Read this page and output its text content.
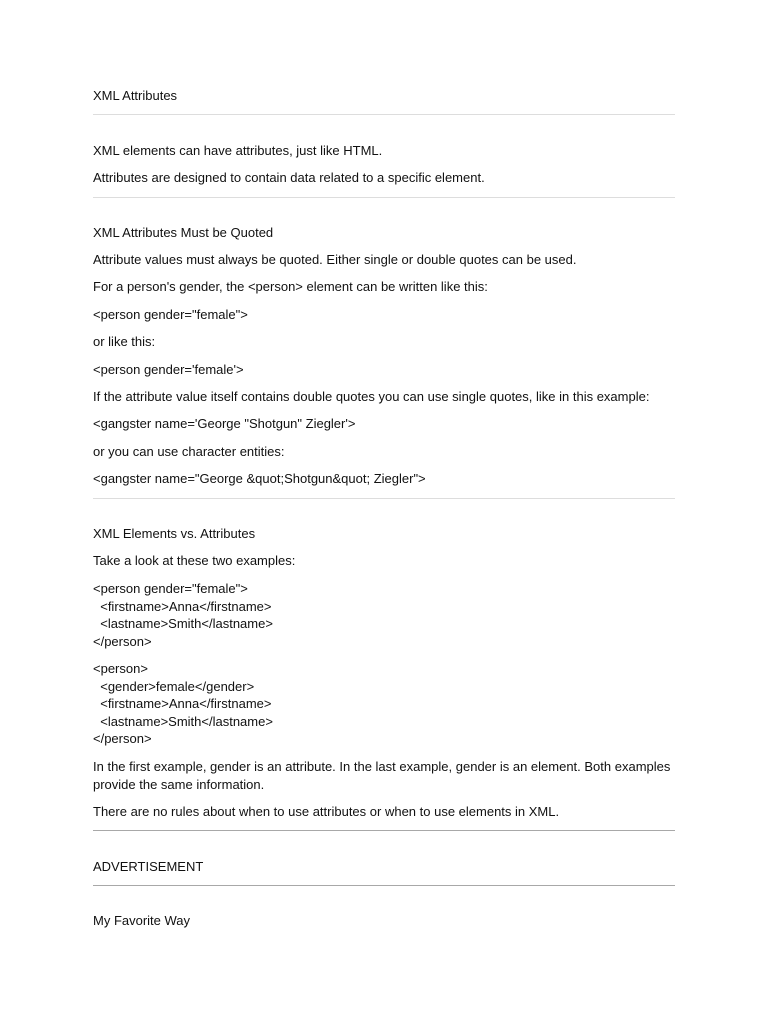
XML Attributes

XML elements can have attributes, just like HTML.

Attributes are designed to contain data related to a specific element.

XML Attributes Must be Quoted

Attribute values must always be quoted. Either single or double quotes can be used.

For a person's gender, the <person> element can be written like this:

<person gender="female">

or like this:

<person gender='female'>

If the attribute value itself contains double quotes you can use single quotes, like in this example:

<gangster name='George "Shotgun" Ziegler'>

or you can use character entities:

<gangster name="George &quot;Shotgun&quot; Ziegler">

XML Elements vs. Attributes

Take a look at these two examples:

<person gender="female">
<firstname>Anna</firstname>
<lastname>Smith</lastname>
</person>
<person>
<gender>female</gender>
<firstname>Anna</firstname>
<lastname>Smith</lastname>
</person>

In the first example, gender is an attribute. In the last example, gender is an element. Both examples provide the same information.

There are no rules about when to use attributes or when to use elements in XML.

ADVERTISEMENT

My Favorite Way
